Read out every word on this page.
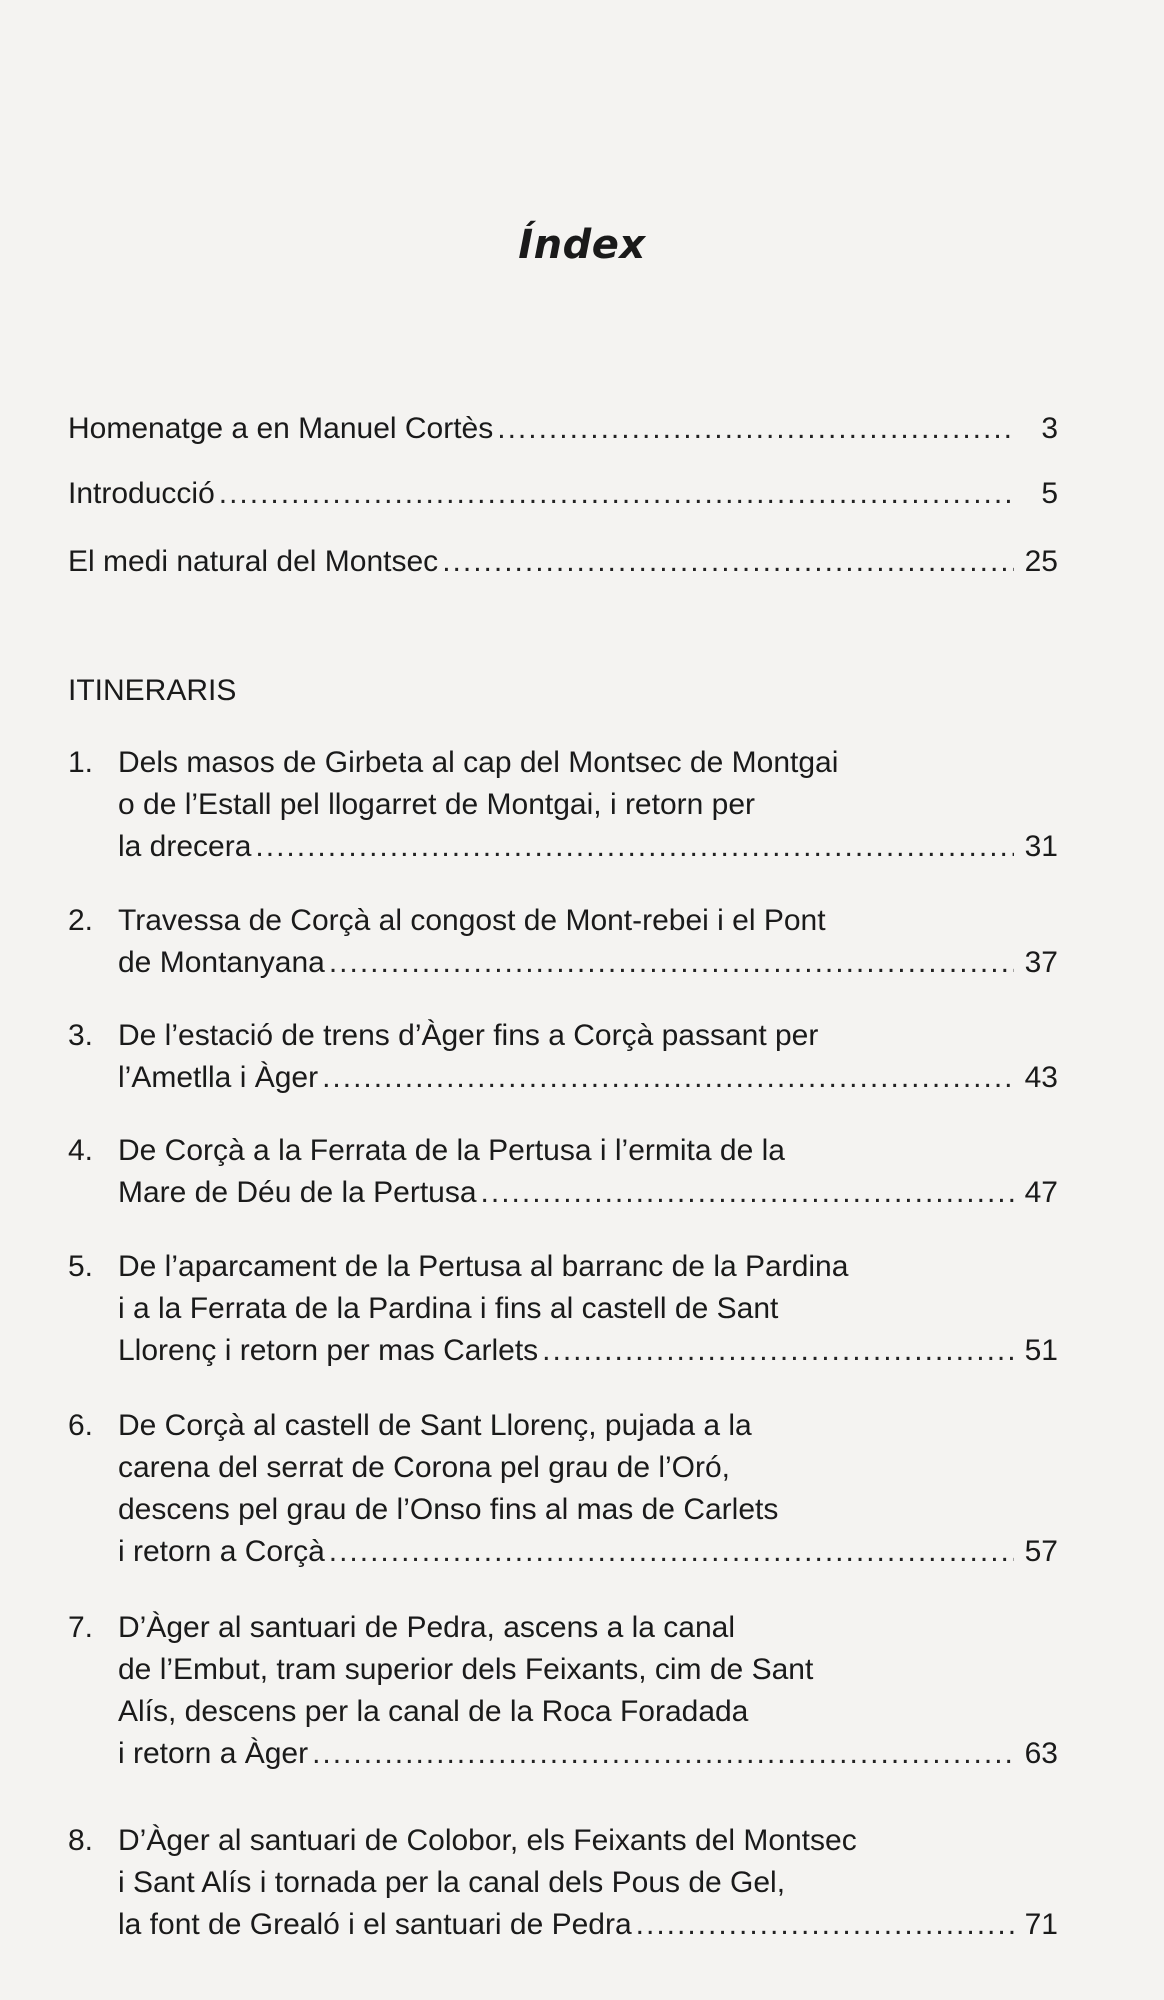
Índex
Homenatge a en Manuel Cortès .....	3
Introducció .....	5
El medi natural del Montsec .....	25
ITINERARIS
1. Dels masos de Girbeta al cap del Montsec de Montgai
o de l’Estall pel llogarret de Montgai, i retorn per
la drecera .....	31
2. Travessa de Corçà al congost de Mont-rebei i el Pont
de Montanyana .....	37
3. De l’estació de trens d’Àger fins a Corçà passant per
l’Ametlla i Àger .....	43
4. De Corçà a la Ferrata de la Pertusa i l’ermita de la
Mare de Déu de la Pertusa .....	47
5. De l’aparcament de la Pertusa al barranc de la Pardina
i a la Ferrata de la Pardina i fins al castell de Sant
Llorenç i retorn per mas Carlets .....	51
6. De Corçà al castell de Sant Llorenç, pujada a la
carena del serrat de Corona pel grau de l’Oró,
descens pel grau de l’Onso fins al mas de Carlets
i retorn a Corçà .....	57
7. D’Àger al santuari de Pedra, ascens a la canal
de l’Embut, tram superior dels Feixants, cim de Sant
Alís, descens per la canal de la Roca Foradada
i retorn a Àger .....	63
8. D’Àger al santuari de Colobor, els Feixants del Montsec
i Sant Alís i tornada per la canal dels Pous de Gel,
la font de Grealó i el santuari de Pedra .....	71
